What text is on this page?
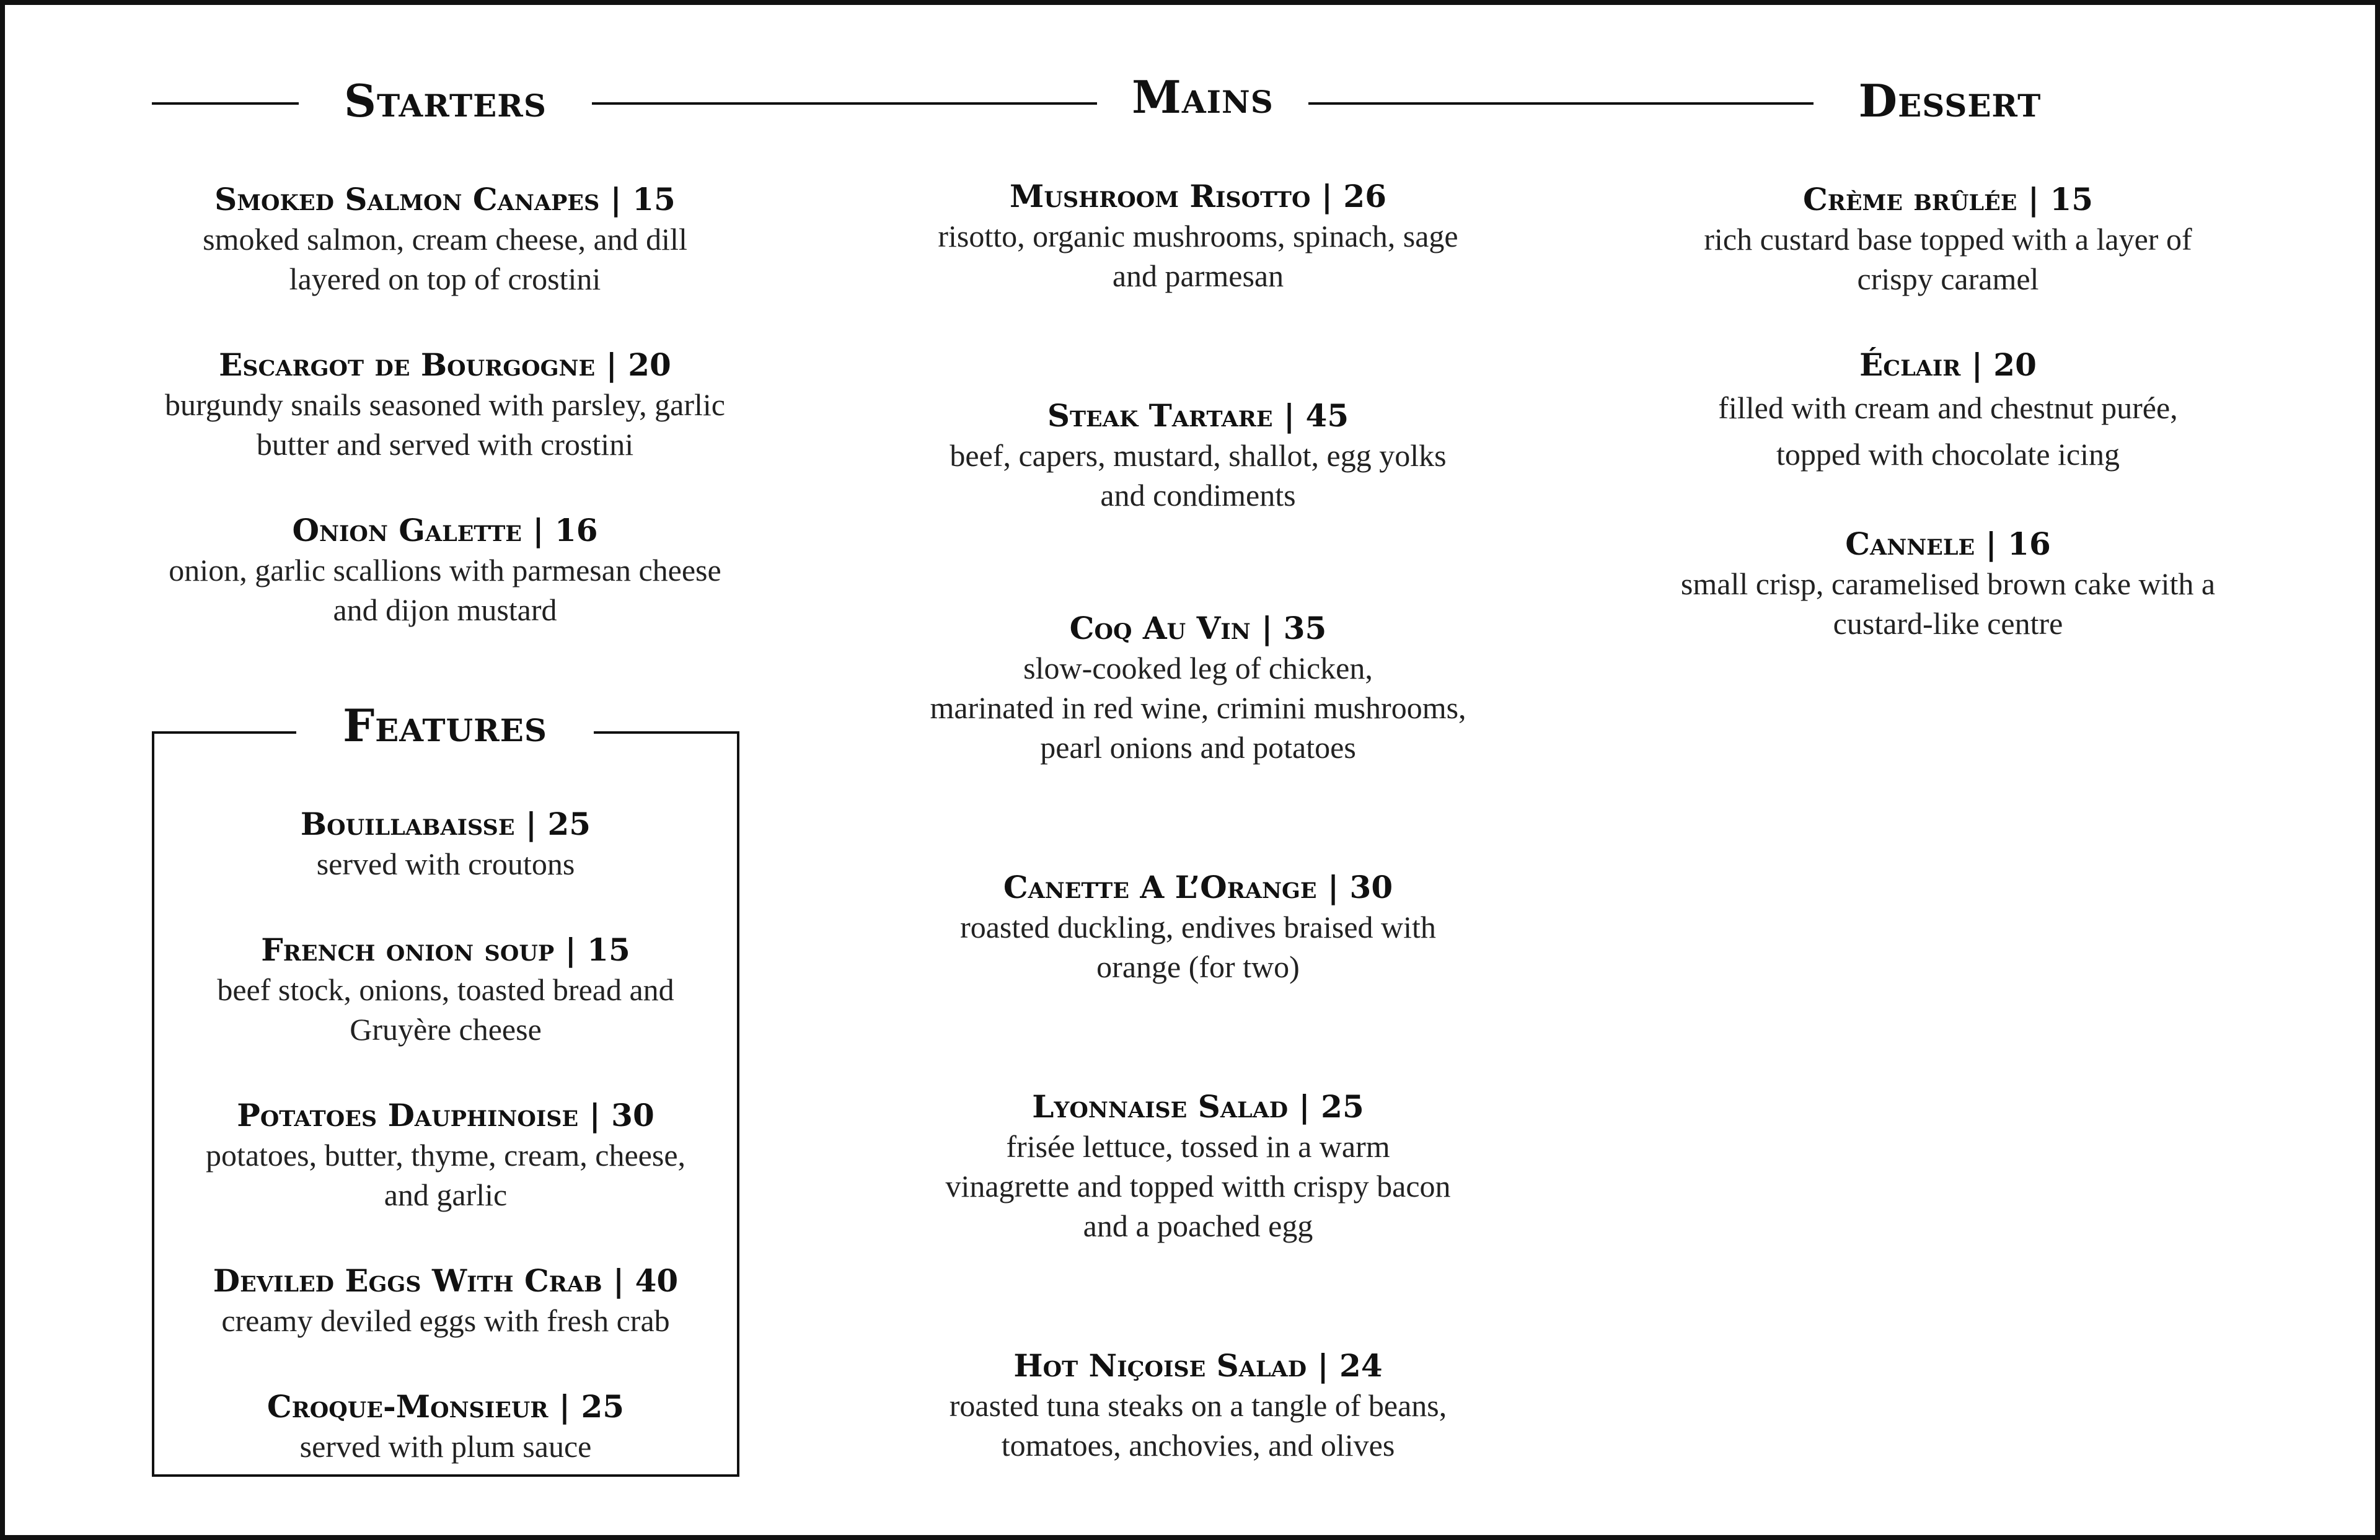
Starters	Mains	Dessert
Features
Smoked Salmon Canapes | 15
smoked salmon, cream cheese, and dill
layered on top of crostini
Escargot de Bourgogne | 20
burgundy snails seasoned with parsley, garlic
butter and served with crostini
Onion Galette | 16
onion, garlic scallions with parmesan cheese
and dijon mustard
Bouillabaisse | 25
served with croutons
French onion soup | 15
beef stock, onions, toasted bread and
Gruyère cheese
Potatoes Dauphinoise | 30
potatoes, butter, thyme, cream, cheese,
and garlic
Deviled Eggs With Crab | 40
creamy deviled eggs with fresh crab
Croque-Monsieur | 25
served with plum sauce
Mushroom Risotto | 26
risotto, organic mushrooms, spinach, sage
and parmesan
Steak Tartare | 45
beef, capers, mustard, shallot, egg yolks
and condiments
Coq Au Vin | 35
slow-cooked leg of chicken,
marinated in red wine, crimini mushrooms,
pearl onions and potatoes
Canette A L’Orange | 30
roasted duckling, endives braised with
orange (for two)
Lyonnaise Salad | 25
frisée lettuce, tossed in a warm
vinagrette and topped witth crispy bacon
and a poached egg
Hot Niçoise Salad | 24
roasted tuna steaks on a tangle of beans,
tomatoes, anchovies, and olives
Crème brûlée | 15
rich custard base topped with a layer of
crispy caramel
Éclair | 20
filled with cream and chestnut purée,
topped with chocolate icing
Cannele | 16
small crisp, caramelised brown cake with a
custard-like centre
